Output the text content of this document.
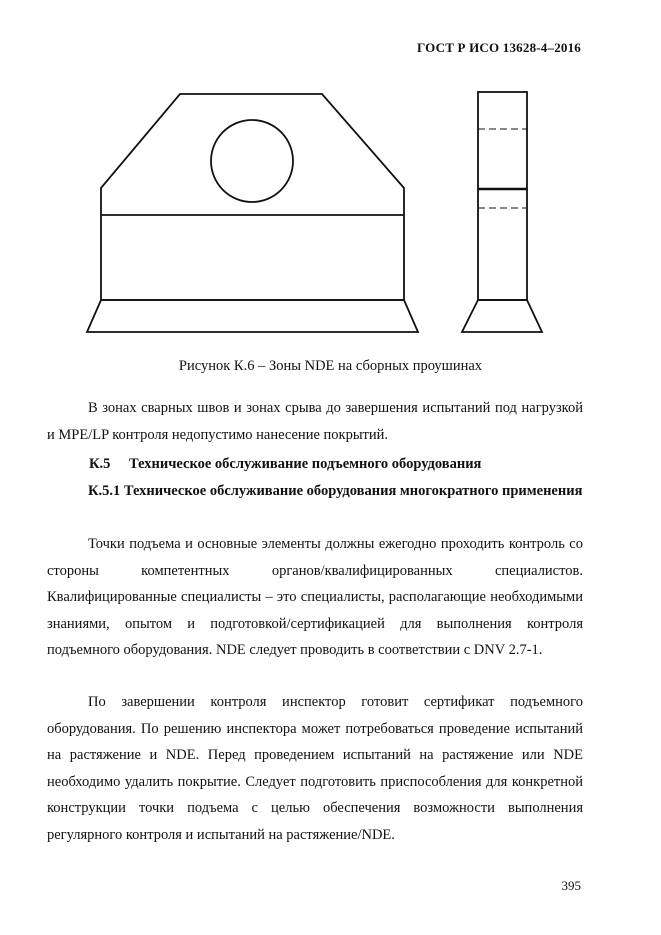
ГОСТ Р ИСО 13628-4–2016
Рисунок К.6 – Зоны NDE на сборных проушинах
В зонах сварных швов и зонах срыва до завершения испытаний под нагрузкой и MPE/LP контроля недопустимо нанесение покрытий.
К.5 Техническое обслуживание подъемного оборудования
К.5.1 Техническое обслуживание оборудования многократного применения
Точки подъема и основные элементы должны ежегодно проходить контроль со стороны компетентных органов/квалифицированных специалистов. Квалифицированные специалисты – это специалисты, располагающие необходимыми знаниями, опытом и подготовкой/сертификацией для выполнения контроля подъемного оборудования. NDE следует проводить в соответствии с DNV 2.7-1.
По завершении контроля инспектор готовит сертификат подъемного оборудования. По решению инспектора может потребоваться проведение испытаний на растяжение и NDE. Перед проведением испытаний на растяжение или NDE необходимо удалить покрытие. Следует подготовить приспособления для конкретной конструкции точки подъема с целью обеспечения возможности выполнения регулярного контроля и испытаний на растяжение/NDE.
395
